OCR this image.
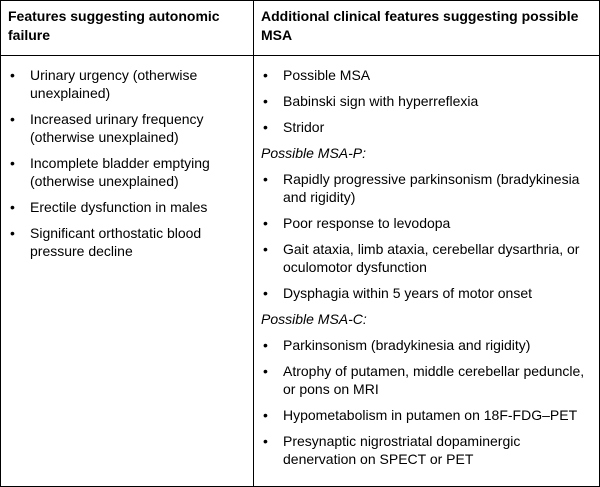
Features suggesting autonomic failure
Additional clinical features suggesting possible MSA
• Urinary urgency (otherwise unexplained)
• Increased urinary frequency (otherwise unexplained)
• Incomplete bladder emptying (otherwise unexplained)
• Erectile dysfunction in males
• Significant orthostatic blood pressure decline
• Possible MSA
• Babinski sign with hyperreflexia
• Stridor
Possible MSA-P:
• Rapidly progressive parkinsonism (bradykinesia and rigidity)
• Poor response to levodopa
• Gait ataxia, limb ataxia, cerebellar dysarthria, or oculomotor dysfunction
• Dysphagia within 5 years of motor onset
Possible MSA-C:
• Parkinsonism (bradykinesia and rigidity)
• Atrophy of putamen, middle cerebellar peduncle, or pons on MRI
• Hypometabolism in putamen on 18F-FDG–PET
• Presynaptic nigrostriatal dopaminergic denervation on SPECT or PET
